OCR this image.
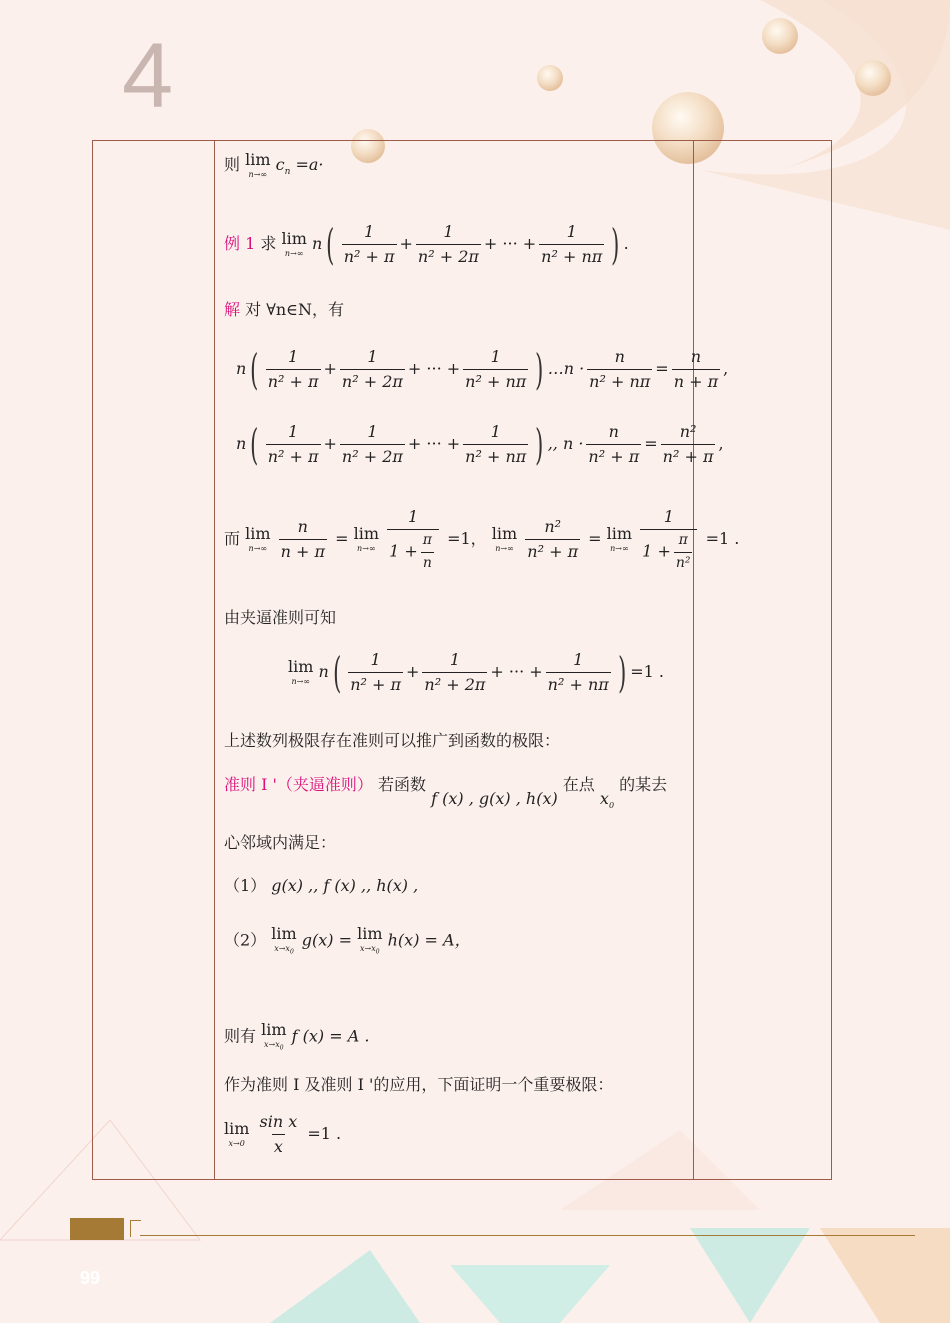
4
则 lim
n→∞
$c_n =a\cdot$
例 1 求 lim
n→∞
$n( \frac{1}{\text{n² + π}} + \frac{1}{\text{n² + 2π}}$ + ··· + $\frac{1}{\text{n² + nπ}}$ ) .
解 对 ∀n∈N，有
$n( \frac{1}{\text{n² + π}} + \frac{1}{\text{n² + 2π}}$ + ··· + $\frac{1}{\text{n² + nπ}}$ ) …n · $\frac{n}{\text{n² + nπ}} = \frac{n}{n + \pi}$ ,
$n( \frac{1}{\text{n² + π}} + \frac{1}{\text{n² + 2π}}$ + ··· + $\frac{1}{\text{n² + nπ}}$ ) ,, $n \cdot \frac{n}{\text{n² + π}} = \frac{\text{n²}}{\text{n² + π}}$ ,
而 lim
n→∞
$\frac{n}{n + \pi} = \lim$
n→∞
$\frac{1}{1 + \frac{\pi}{n}} =1$， lim
n→∞
$\frac{\text{n²}}{\text{n² + π}} = \lim$
n→∞
$\frac{1}{1 + \frac{\pi}{\text{n²}}} =1$ .
由夹逼准则可知
lim
n→∞
$n( \frac{1}{\text{n² + π}} + \frac{1}{\text{n² + 2π}}$ + ··· + $\frac{1}{\text{n² + nπ}}$ ) =1 .
上述数列极限存在准则可以推广到函数的极限：
准则 I '（夹逼准则） 若函数 f (x) , g(x) , h(x) 在点 $x_0$ 的某去
心邻域内满足：
（1） g(x) ,, f (x) ,, h(x) ,
（2） lim
$x\to x_0$
g(x) = lim
$x\to x_0$
h(x) = A，
则有 lim
$x\to x_0$
f (x) = A .
作为准则 I 及准则 I '的应用，下面证明一个重要极限：
lim
x→0
$\frac{\text{sin x}}{x} =1$ .
99
